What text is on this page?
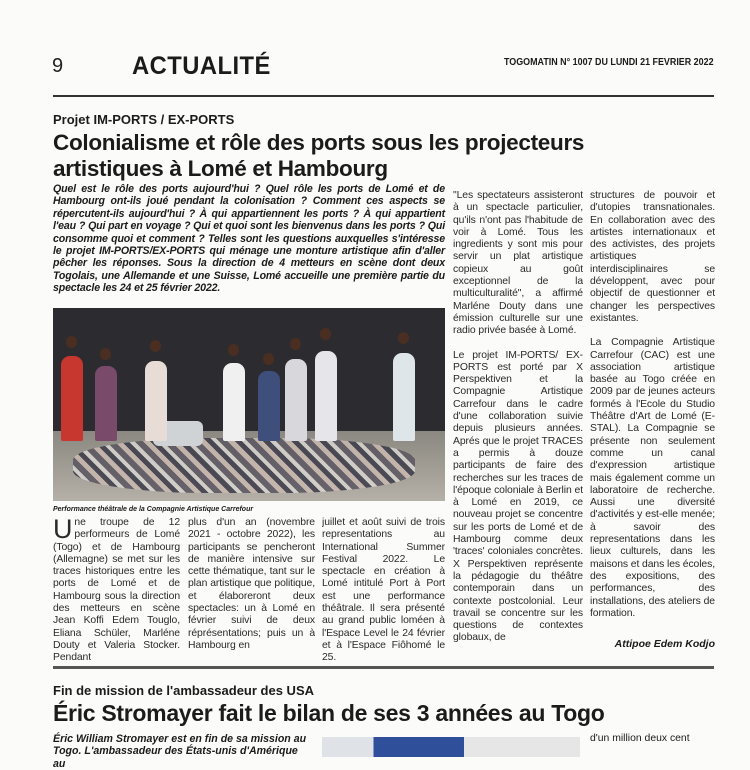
9	ACTUALITÉ	TOGOMATIN N° 1007 DU LUNDI 21 FEVRIER 2022
Projet IM-PORTS / EX-PORTS
Colonialisme et rôle des ports sous les projecteurs artistiques à Lomé et Hambourg
Quel est le rôle des ports aujourd'hui ? Quel rôle les ports de Lomé et de Hambourg ont-ils joué pendant la colonisation ? Comment ces aspects se répercutent-ils aujourd'hui ? À qui appartiennent les ports ? À qui appartient l'eau ? Qui part en voyage ? Qui et quoi sont les bienvenus dans les ports ? Qui consomme quoi et comment ? Telles sont les questions auxquelles s'intéresse le projet IM-PORTS/EX-PORTS qui ménage une monture artistique afin d'aller pêcher les réponses. Sous la direction de 4 metteurs en scène dont deux Togolais, une Allemande et une Suisse, Lomé accueille une première partie du spectacle les 24 et 25 février 2022.
Performance théâtrale de la Compagnie Artistique Carrefour
Une troupe de 12 performeurs de Lomé (Togo) et de Hambourg (Allemagne) se met sur les traces historiques entre les ports de Lomé et de Hambourg sous la direction des metteurs en scène Jean Koffi Edem Touglo, Eliana Schüler, Marléne Douty et Valeria Stocker. Pendant
plus d'un an (novembre 2021 - octobre 2022), les participants se pencheront de manière intensive sur cette thématique, tant sur le plan artistique que politique, et élaboreront deux spectacles: un à Lomé en février suivi de deux réprésentations; puis un à Hambourg en
juillet et août suivi de trois representations au International Summer Festival 2022. Le spectacle en création à Lomé intitulé Port à Port est une performance théâtrale. Il sera présenté au grand public loméen à l'Espace Level le 24 février et à l'Espace Fiôhomé le 25.

"Les spectateurs assisteront à un spectacle particulier, qu'ils n'ont pas l'habitude de voir à Lomé. Tous les ingredients y sont mis pour servir un plat artistique copieux au goût exceptionnel de la multiculturalité", a affirmé Marléne Douty dans une émission culturelle sur une radio privée basée à Lomé.

Le projet IM-PORTS/ EX-PORTS est porté par X Perspektiven et la Compagnie Artistique Carrefour dans le cadre d'une collaboration suivie depuis plusieurs années. Aprés que le projet TRACES a permis à douze participants de faire des recherches sur les traces de l'époque coloniale à Berlin et à Lomé en 2019, ce nouveau projet se concentre sur les ports de Lomé et de Hambourg comme deux 'traces' coloniales concrètes. X Perspektiven représente la pédagogie du théâtre contemporain dans un contexte postcolonial. Leur travail se concentre sur les questions de contextes globaux, de

structures de pouvoir et d'utopies transnationales. En collaboration avec des artistes internationaux et des activistes, des projets artistiques interdisciplinaires se développent, avec pour objectif de questionner et changer les perspectives existantes.

La Compagnie Artistique Carrefour (CAC) est une association artistique basée au Togo créée en 2009 par de jeunes acteurs formés à l'Ecole du Studio Théâtre d'Art de Lomé (E-STAL). La Compagnie se présente non seulement comme un canal d'expression artistique mais également comme un laboratoire de recherche. Aussi une diversité d'activités y est-elle menée; à savoir des representations dans les lieux culturels, dans les maisons et dans les écoles, des expositions, des performances, des installations, des ateliers de formation.

Attipoe Edem Kodjo
Fin de mission de l'ambassadeur des USA
Éric Stromayer fait le bilan de ses 3 années au Togo
Éric William Stromayer est en fin de sa mission au Togo. L'ambassadeur des États-unis d'Amérique au
d'un million deux cent
